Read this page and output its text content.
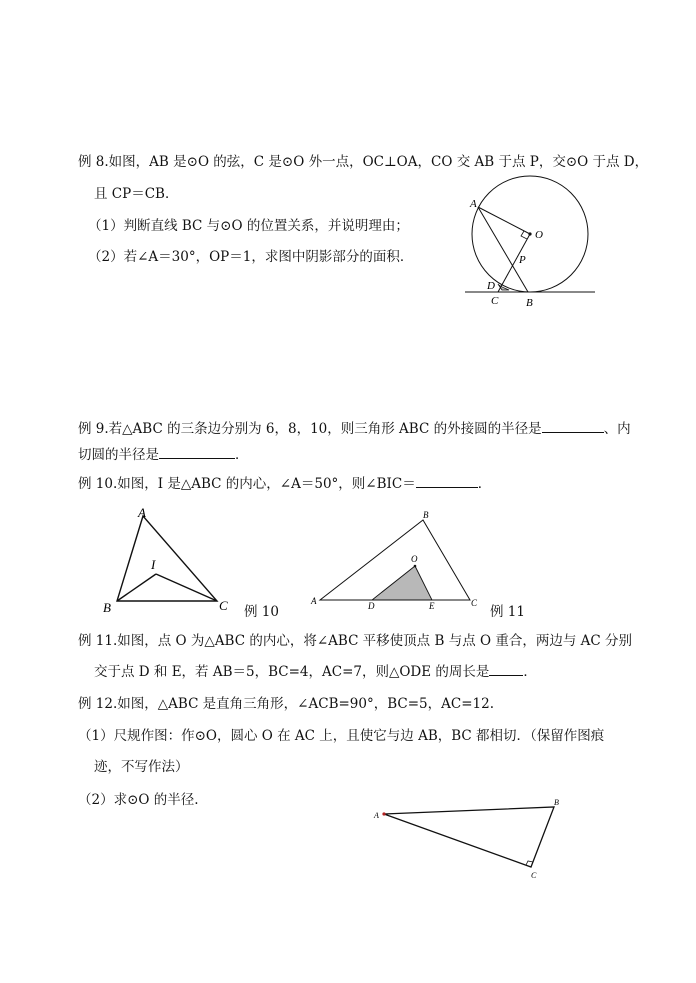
例 8.如图，AB 是⊙O 的弦，C 是⊙O 外一点，OC⊥OA，CO 交 AB 于点 P，交⊙O 于点 D，
且 CP＝CB．
（1）判断直线 BC 与⊙O 的位置关系，并说明理由；
（2）若∠A＝30°，OP＝1，求图中阴影部分的面积．
A
O
P
D
C	B
例 9.若△ABC 的三条边分别为 6，8，10，则三角形 ABC 的外接圆的半径是	、内
切圆的半径是	．
例 10.如图，I 是△ABC 的内心，∠A＝50°，则∠BIC＝	．
A
I
B	C 例 10
A
B
C
O
D	E	例 11
例 11.如图，点 O 为△ABC 的内心，将∠ABC 平移使顶点 B 与点 O 重合，两边与 AC 分别
交于点 D 和 E，若 AB＝5，BC=4，AC=7，则△ODE 的周长是	．
例 12.如图，△ABC 是直角三角形，∠ACB=90°，BC=5，AC=12.
（1）尺规作图：作⊙O，圆心 O 在 AC 上，且使它与边 AB，BC 都相切．（保留作图痕
迹，不写作法）
（2）求⊙O 的半径.
A
B
C
